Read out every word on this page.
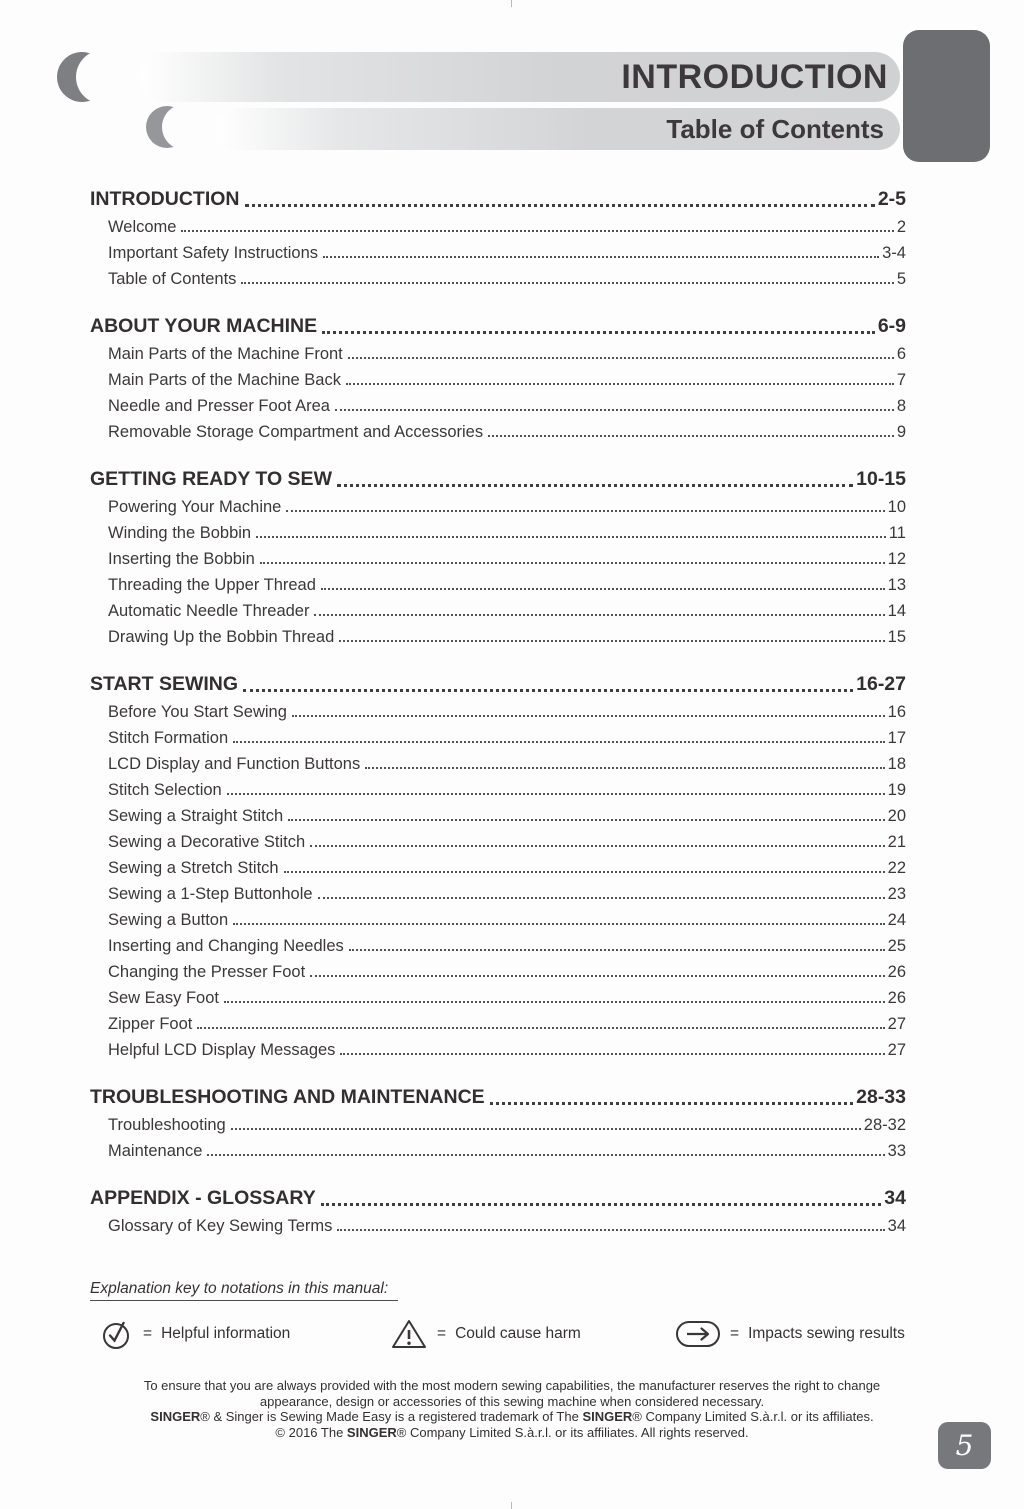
INTRODUCTION
Table of Contents
INTRODUCTION	2-5
Welcome	2
Important Safety Instructions	3-4
Table of Contents	5
ABOUT YOUR MACHINE	6-9
Main Parts of the Machine Front	6
Main Parts of the Machine Back	7
Needle and Presser Foot Area	8
Removable Storage Compartment and Accessories	9
GETTING READY TO SEW	10-15
Powering Your Machine	10
Winding the Bobbin	11
Inserting the Bobbin	12
Threading the Upper Thread	13
Automatic Needle Threader	14
Drawing Up the Bobbin Thread	15
START SEWING	16-27
Before You Start Sewing	16
Stitch Formation	17
LCD Display and Function Buttons	18
Stitch Selection	19
Sewing a Straight Stitch	20
Sewing a Decorative Stitch	21
Sewing a Stretch Stitch	22
Sewing a 1-Step Buttonhole	23
Sewing a Button	24
Inserting and Changing Needles	25
Changing the Presser Foot	26
Sew Easy Foot	26
Zipper Foot	27
Helpful LCD Display Messages	27
TROUBLESHOOTING AND MAINTENANCE	28-33
Troubleshooting	28-32
Maintenance	33
APPENDIX - GLOSSARY	34
Glossary of Key Sewing Terms	34
Explanation key to notations in this manual:
= Helpful information	= Could cause harm	= Impacts sewing results
To ensure that you are always provided with the most modern sewing capabilities, the manufacturer reserves the right to change
appearance, design or accessories of this sewing machine when considered necessary.
SINGER® & Singer is Sewing Made Easy is a registered trademark of The SINGER® Company Limited S.à.r.l. or its affiliates.
© 2016 The SINGER® Company Limited S.à.r.l. or its affiliates. All rights reserved.	5
